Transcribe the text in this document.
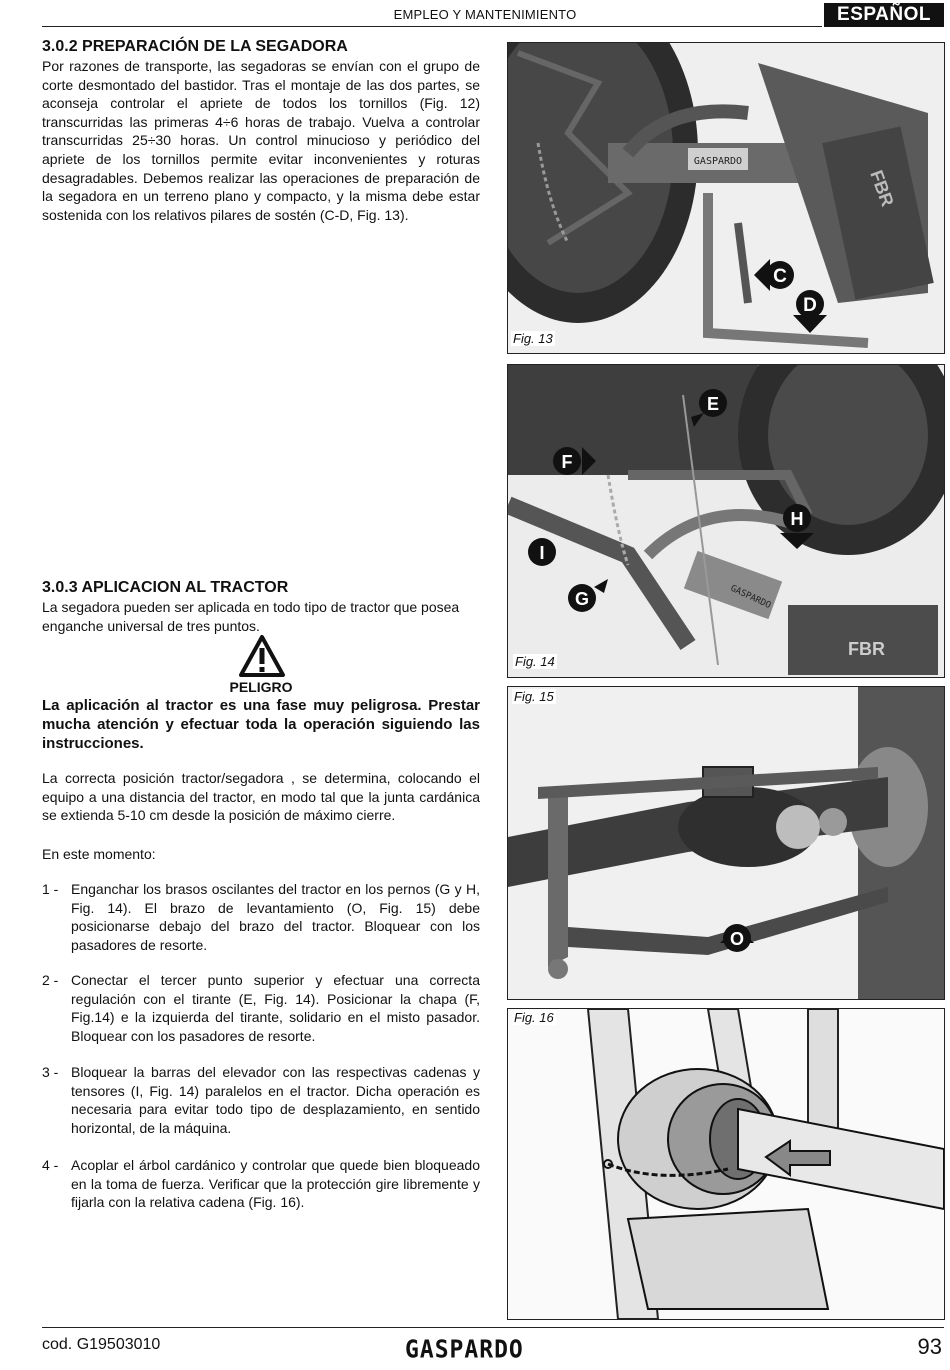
EMPLEO Y MANTENIMIENTO	ESPAÑOL
3.0.2 PREPARACIÓN DE LA SEGADORA
Por razones de transporte, las segadoras se envían con el grupo de corte desmontado del bastidor. Tras el montaje de las dos partes, se aconseja controlar el apriete de todos los tornillos (Fig. 12) transcurridas las primeras 4÷6 horas de trabajo. Vuelva a controlar transcurridas 25÷30 horas. Un control minucioso y periódico del apriete de los tornillos permite evitar inconvenientes y roturas desagradables. Debemos realizar las operaciones de preparación de la segadora en un terreno plano y compacto, y la misma debe estar sostenida con los relativos pilares de sostén (C-D, Fig. 13).
3.0.3 APLICACION AL TRACTOR
La segadora pueden ser aplicada en todo tipo de tractor que posea enganche universal de tres puntos.
PELIGRO
La aplicación al tractor es una fase muy peligrosa. Prestar mucha atención y efectuar toda la operación siguiendo las instrucciones.
La correcta posición tractor/segadora , se determina, colocando el equipo a una distancia del tractor, en modo tal que la junta cardánica se extienda 5-10 cm desde la posición de máximo cierre.
En este momento:
1 - Enganchar los brasos oscilantes del tractor en los pernos (G y H, Fig. 14). El brazo de levantamiento (O, Fig. 15) debe posicionarse debajo del brazo del tractor. Bloquear con los pasadores de resorte.
2 - Conectar el tercer punto superior y efectuar una correcta regulación con el tirante (E, Fig. 14). Posicionar la chapa (F, Fig.14) e la izquierda del tirante, solidario en el misto pasador. Bloquear con los pasadores de resorte.
3 - Bloquear la barras del elevador con las respectivas cadenas y tensores (I, Fig. 14) paralelos en el tractor. Dicha operación es necesaria para evitar todo tipo de desplazamiento, en sentido horizontal, de la máquina.
4 - Acoplar el árbol cardánico y controlar que quede bien bloqueado en la toma de fuerza. Verificar que la protección gire libremente y fijarla con la relativa cadena (Fig. 16).
GASPARDO
FBR
C
D
Fig. 13
GASPARDO
FBR
E
F
H
I
G
Fig. 14
O
Fig. 15
Fig. 16
cod. G19503010	GASPARDO	93
